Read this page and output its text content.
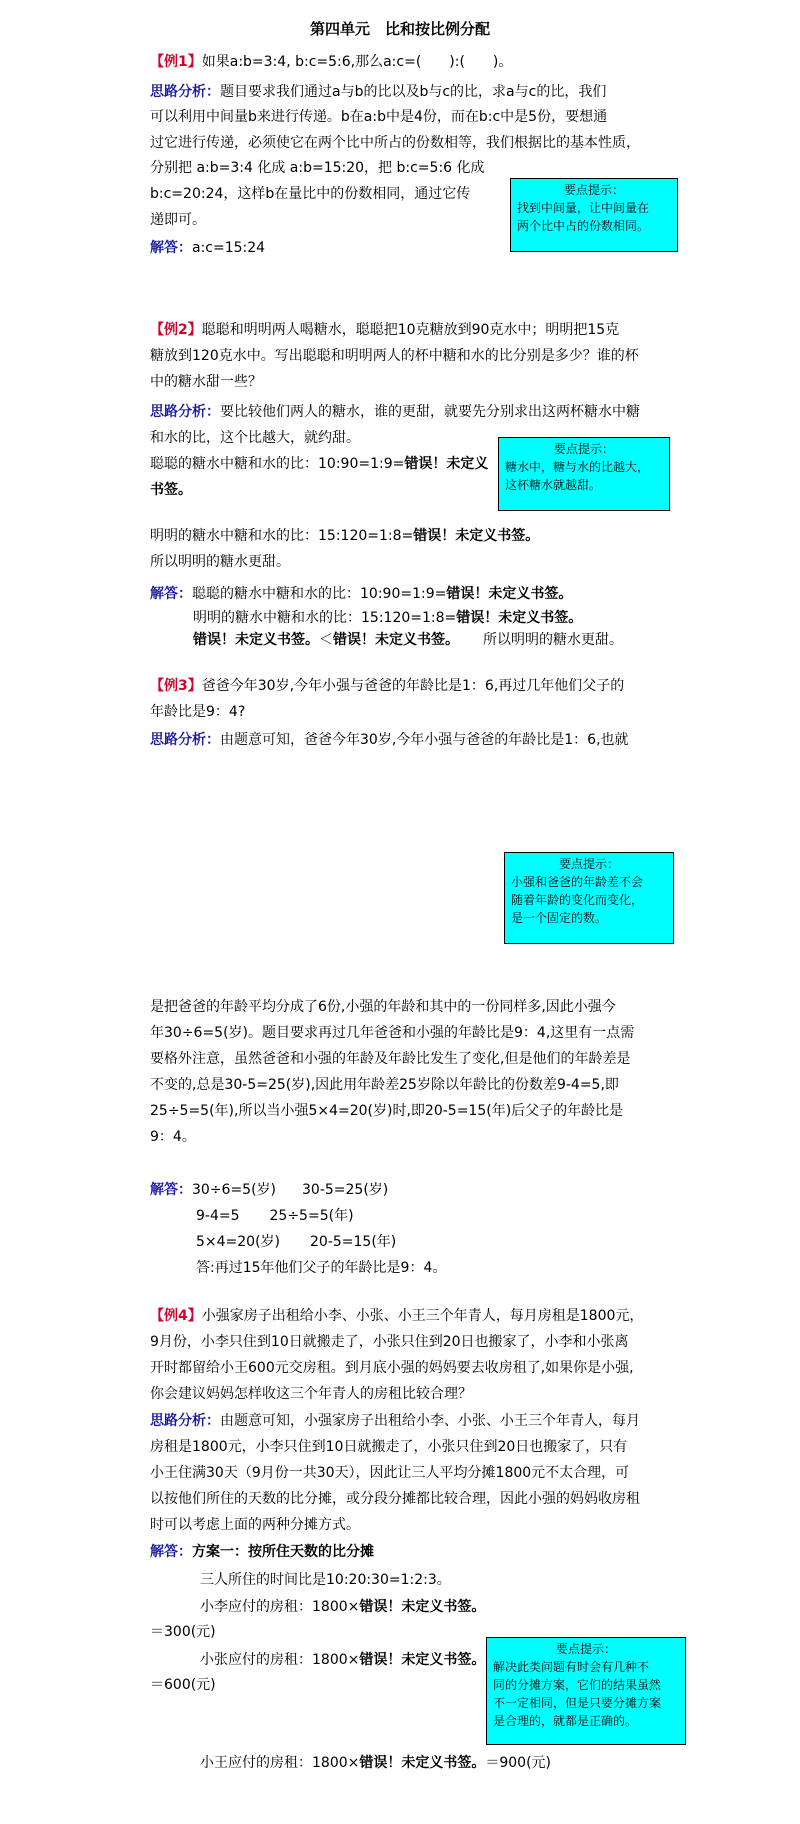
第四单元　比和按比例分配
【例1】如果a:b=3:4, b:c=5:6,那么a:c=(　　):(　　)。
思路分析：题目要求我们通过a与b的比以及b与c的比，求a与c的比，我们
可以利用中间量b来进行传递。b在a:b中是4份，而在b:c中是5份，要想通
过它进行传递，必须使它在两个比中所占的份数相等，我们根据比的基本性质，
分别把 a:b=3:4 化成 a:b=15:20，把 b:c=5:6 化成
b:c=20:24，这样b在量比中的份数相同，通过它传
递即可。
解答：a:c=15:24
要点提示：
找到中间量，让中间量在
两个比中占的份数相同。
【例2】聪聪和明明两人喝糖水，聪聪把10克糖放到90克水中；明明把15克
糖放到120克水中。写出聪聪和明明两人的杯中糖和水的比分别是多少？谁的杯
中的糖水甜一些？
思路分析：要比较他们两人的糖水，谁的更甜，就要先分别求出这两杯糖水中糖
和水的比，这个比越大，就约甜。
聪聪的糖水中糖和水的比：10:90=1:9=错误！未定义
书签。
明明的糖水中糖和水的比：15:120=1:8=错误！未定义书签。
所以明明的糖水更甜。
解答：聪聪的糖水中糖和水的比：10:90=1:9=错误！未定义书签。
明明的糖水中糖和水的比：15:120=1:8=错误！未定义书签。
错误！未定义书签。＜错误！未定义书签。 所以明明的糖水更甜。
要点提示：
糖水中，糖与水的比越大，
这杯糖水就越甜。
【例3】爸爸今年30岁,今年小强与爸爸的年龄比是1：6,再过几年他们父子的
年龄比是9：4?
思路分析：由题意可知，爸爸今年30岁,今年小强与爸爸的年龄比是1：6,也就
要点提示：
小强和爸爸的年龄差不会
随着年龄的变化而变化，
是一个固定的数。
是把爸爸的年龄平均分成了6份,小强的年龄和其中的一份同样多,因此小强今
年30÷6=5(岁)。题目要求再过几年爸爸和小强的年龄比是9：4,这里有一点需
要格外注意，虽然爸爸和小强的年龄及年龄比发生了变化,但是他们的年龄差是
不变的,总是30-5=25(岁),因此用年龄差25岁除以年龄比的份数差9-4=5,即
25÷5=5(年),所以当小强5×4=20(岁)时,即20-5=15(年)后父子的年龄比是
9：4。
解答：30÷6=5(岁) 30-5=25(岁)
9-4=5 25÷5=5(年)
5×4=20(岁) 20-5=15(年)
答:再过15年他们父子的年龄比是9：4。
【例4】小强家房子出租给小李、小张、小王三个年青人，每月房租是1800元，
9月份，小李只住到10日就搬走了，小张只住到20日也搬家了，小李和小张离
开时都留给小王600元交房租。到月底小强的妈妈要去收房租了,如果你是小强,
你会建议妈妈怎样收这三个年青人的房租比较合理？
思路分析：由题意可知，小强家房子出租给小李、小张、小王三个年青人，每月
房租是1800元，小李只住到10日就搬走了，小张只住到20日也搬家了，只有
小王住满30天（9月份一共30天），因此让三人平均分摊1800元不太合理，可
以按他们所住的天数的比分摊，或分段分摊都比较合理，因此小强的妈妈收房租
时可以考虑上面的两种分摊方式。
解答：方案一：按所住天数的比分摊
三人所住的时间比是10:20:30=1:2:3。
小李应付的房租：1800×错误！未定义书签。
＝300(元)
小张应付的房租：1800×错误！未定义书签。
＝600(元)
小王应付的房租：1800×错误！未定义书签。＝900(元)
要点提示：
解决此类问题有时会有几种不
同的分摊方案，它们的结果虽然
不一定相同，但是只要分摊方案
是合理的，就都是正确的。
